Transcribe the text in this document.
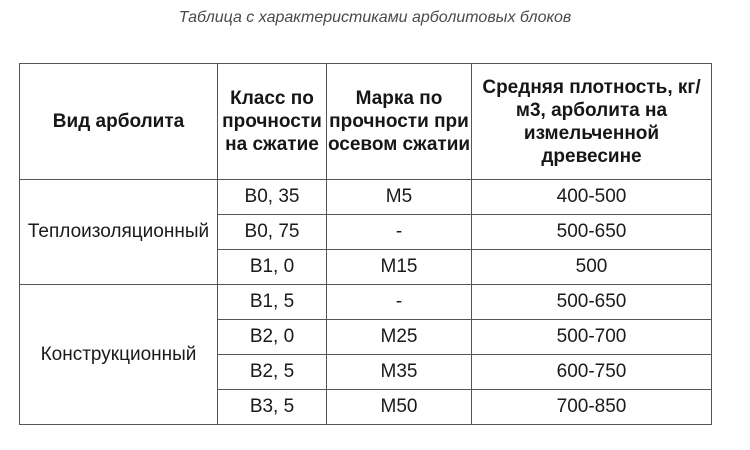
Таблица с характеристиками арболитовых блоков
Вид арболита	Класс по прочности на сжатие	Марка по прочности при осевом сжатии	Средняя плотность, кг/м3, арболита на измельченной древесине
Теплоизоляционный	B0, 35	M5	400-500
	B0, 75	-	500-650
	B1, 0	M15	500
Конструкционный	B1, 5	-	500-650
	B2, 0	M25	500-700
	B2, 5	M35	600-750
	B3, 5	M50	700-850
